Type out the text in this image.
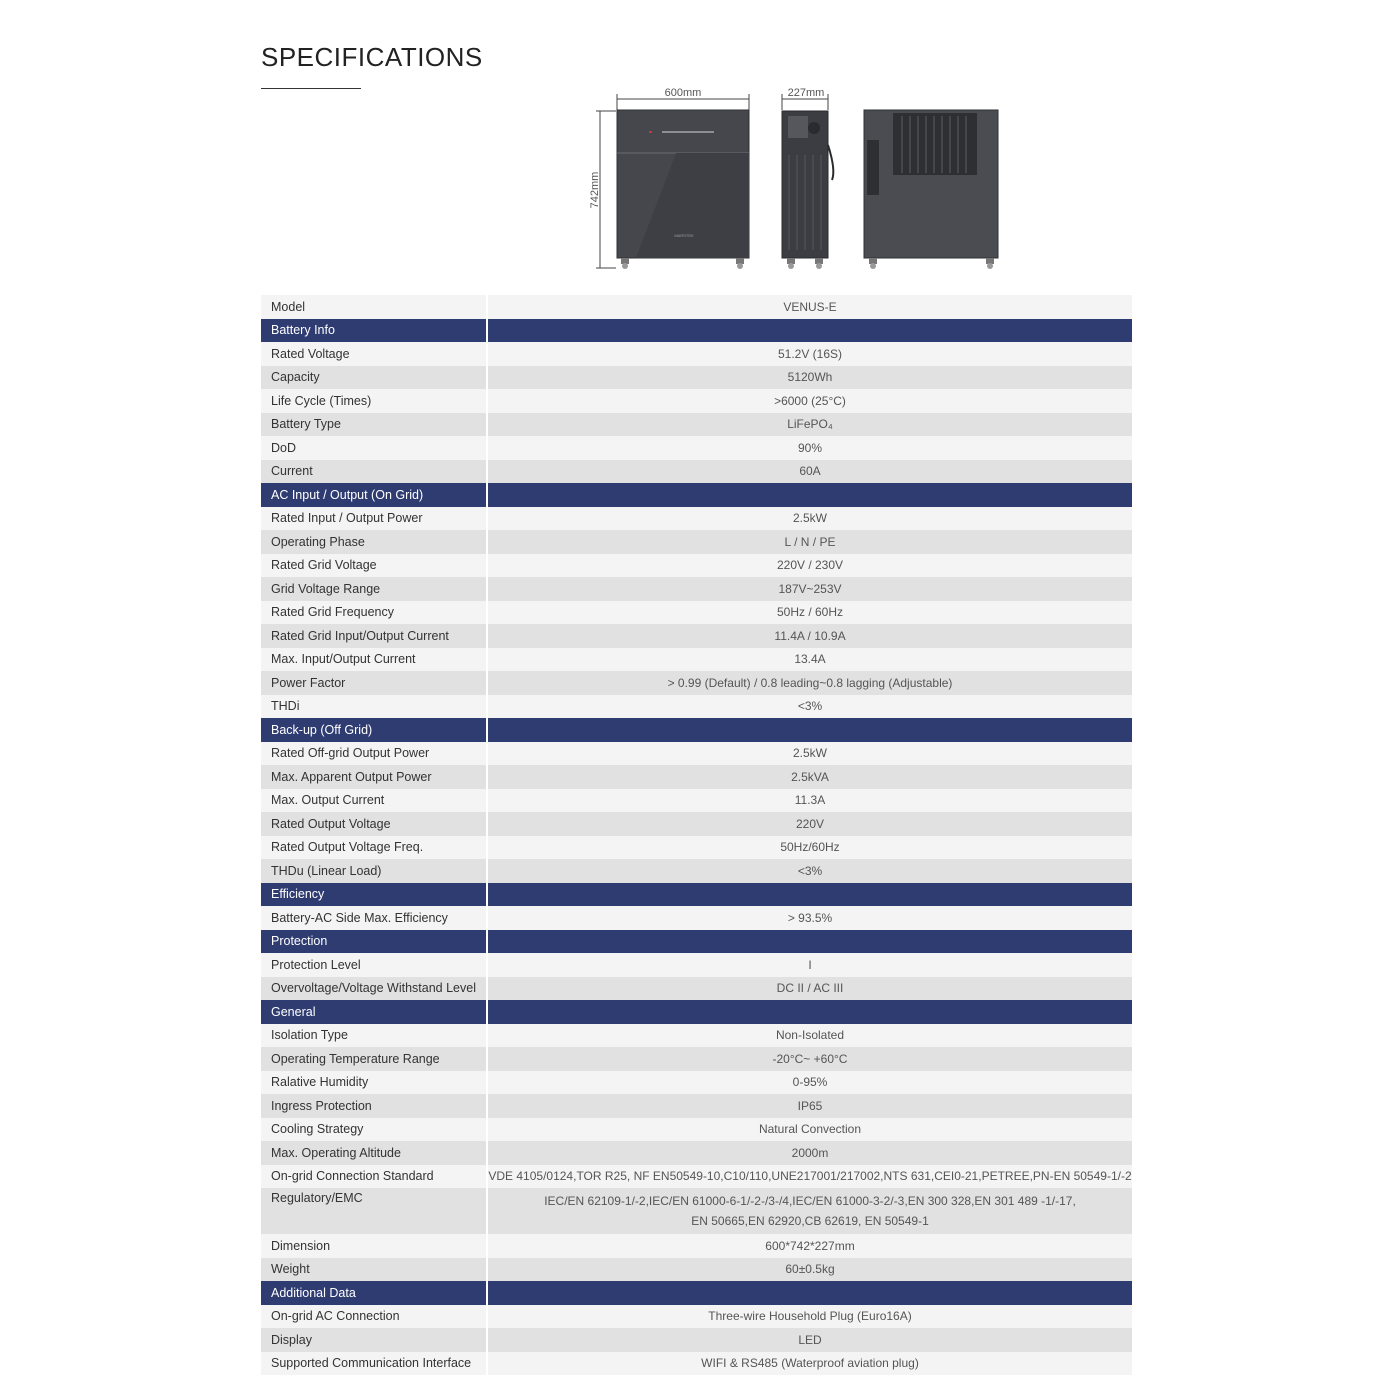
SPECIFICATIONS
600mm
742mm
MARSTEK
227mm
Model	VENUS-E
Battery Info
Rated Voltage	51.2V (16S)
Capacity	5120Wh
Life Cycle (Times)	>6000 (25°C)
Battery Type	LiFePO₄
DoD	90%
Current	60A
AC Input / Output (On Grid)
Rated Input / Output Power	2.5kW
Operating Phase	L / N / PE
Rated Grid Voltage	220V / 230V
Grid Voltage Range	187V~253V
Rated Grid Frequency	50Hz / 60Hz
Rated Grid Input/Output Current	11.4A / 10.9A
Max. Input/Output Current	13.4A
Power Factor	> 0.99 (Default) / 0.8 leading~0.8 lagging (Adjustable)
THDi	<3%
Back-up (Off Grid)
Rated Off-grid Output Power	2.5kW
Max. Apparent Output Power	2.5kVA
Max. Output Current	11.3A
Rated Output Voltage	220V
Rated Output Voltage Freq.	50Hz/60Hz
THDu (Linear Load)	<3%
Efficiency
Battery-AC Side Max. Efficiency	> 93.5%
Protection
Protection Level	I
Overvoltage/Voltage Withstand Level	DC II / AC III
General
Isolation Type	Non-Isolated
Operating Temperature Range	-20°C~ +60°C
Ralative Humidity	0-95%
Ingress Protection	IP65
Cooling Strategy	Natural Convection
Max. Operating Altitude	2000m
On-grid Connection Standard	VDE 4105/0124,TOR R25, NF EN50549-10,C10/110,UNE217001/217002,NTS 631,CEI0-21,PETREE,PN-EN 50549-1/-2
Regulatory/EMC	IEC/EN 62109-1/-2,IEC/EN 61000-6-1/-2-/3-/4,IEC/EN 61000-3-2/-3,EN 300 328,EN 301 489 -1/-17,
EN 50665,EN 62920,CB 62619, EN 50549-1
Dimension	600*742*227mm
Weight	60±0.5kg
Additional Data
On-grid AC Connection	Three-wire Household Plug (Euro16A)
Display	LED
Supported Communication Interface	WIFI & RS485 (Waterproof aviation plug)
